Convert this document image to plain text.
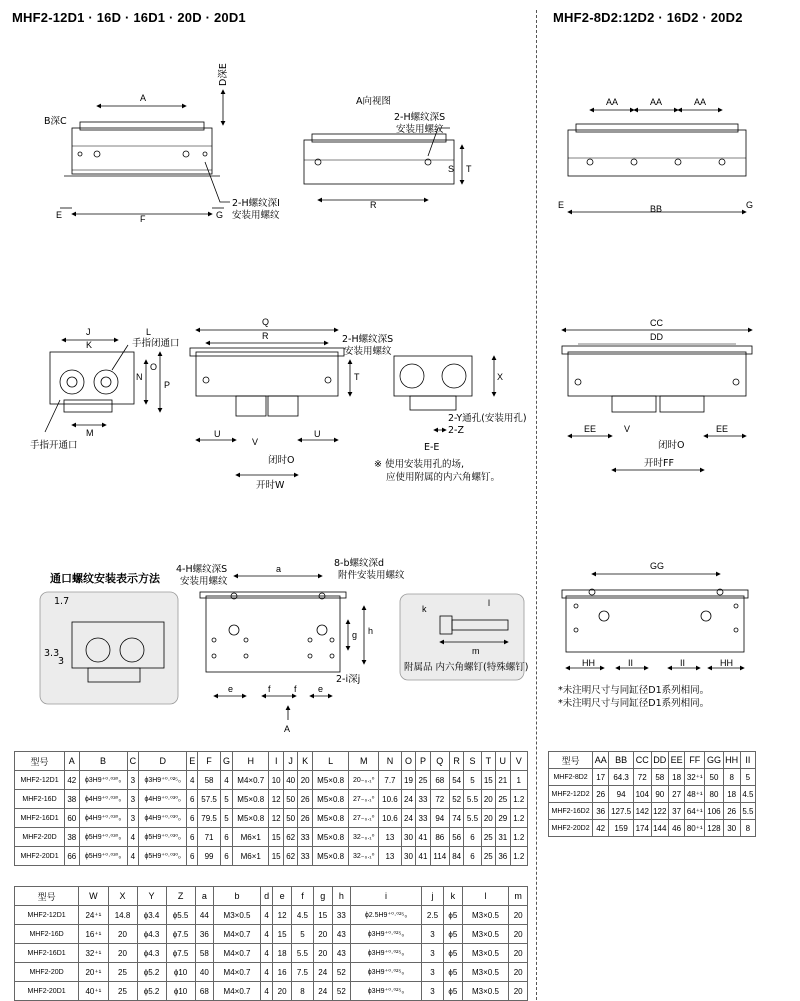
MHF2-12D1 · 16D · 16D1 · 20D · 20D1	MHF2-8D2:12D2 · 16D2 · 20D2
A
B深C
D深E
2-H螺纹深I
安装用螺纹
E	F	G
A向视图
2-H螺纹深S
安装用螺纹
R
S T
J
K
L
M
N
O
P
手指闭通口
手指开通口
Q
R	2-H螺纹深S
安装用螺纹
U
V
U
闭时O
开时W
T	X
2-Y通孔(安装用孔)
2-Z
E-E
※ 使用安装用孔的场,
应使用附属的内六角螺钉。
AA	AA	AA
BB
E	G
CC
DD
EE	V	EE
闭时O
开时FF
通口螺纹安装表示方法
1.7
3.3
3
4-H螺纹深S
安装用螺纹
8-b螺纹深d
附件安装用螺纹
a
e	f	f e
g h
2-i深j
A
k
l
m
附属品 内六角螺钉(特殊螺钉)
GG
HH	II	II	HH
*未注明尺寸与同缸径D1系列相同。
*未注明尺寸与同缸径D1系列相同。
型号	A	B	C	D	E	F	G	H	I	J	K	L	M	N	O	P	Q	R	S	T	U	V
MHF2-12D1	42	ϕ3H9⁺⁰·⁰³⁰₀	3	ϕ3H9⁺⁰·⁰²⁵₀	4	58	4	M4×0.7	10	40	20	M5×0.8	20₋₀.₁⁰	7.7	19	25	68	54	5	15	21	1
MHF2-16D	38	ϕ4H9⁺⁰·⁰³⁰₀	3	ϕ4H9⁺⁰·⁰³⁰₀	6	57.5	5	M5×0.8	12	50	26	M5×0.8	27₋₀.₁⁰	10.6	24	33	72	52	5.5	20	25	1.2
MHF2-16D1	60	ϕ4H9⁺⁰·⁰³⁰₀	3	ϕ4H9⁺⁰·⁰³⁰₀	6	79.5	5	M5×0.8	12	50	26	M5×0.8	27₋₀.₁⁰	10.6	24	33	94	74	5.5	20	29	1.2
MHF2-20D	38	ϕ5H9⁺⁰·⁰³⁰₀	4	ϕ5H9⁺⁰·⁰³⁰₀	6	71	6	M6×1	15	62	33	M5×0.8	32₋₀.₁⁰	13	30	41	86	56	6	25	31	1.2
MHF2-20D1	66	ϕ5H9⁺⁰·⁰³⁰₀	4	ϕ5H9⁺⁰·⁰³⁰₀	6	99	6	M6×1	15	62	33	M5×0.8	32₋₀.₁⁰	13	30	41	114	84	6	25	36	1.2
型号	W	X	Y	Z	a	b	d	e	f	g	h	i	j	k	l	m
MHF2-12D1	24⁺¹	14.8	ϕ3.4	ϕ5.5	44	M3×0.5	4	12	4.5	15	33	ϕ2.5H9⁺⁰·⁰²⁵₀	2.5	ϕ5	M3×0.5	20
MHF2-16D	16⁺¹	20	ϕ4.3	ϕ7.5	36	M4×0.7	4	15	5	20	43	ϕ3H9⁺⁰·⁰²⁵₀	3	ϕ5	M3×0.5	20
MHF2-16D1	32⁺¹	20	ϕ4.3	ϕ7.5	58	M4×0.7	4	18	5.5	20	43	ϕ3H9⁺⁰·⁰²⁵₀	3	ϕ5	M3×0.5	20
MHF2-20D	20⁺¹	25	ϕ5.2	ϕ10	40	M4×0.7	4	16	7.5	24	52	ϕ3H9⁺⁰·⁰²⁵₀	3	ϕ5	M3×0.5	20
MHF2-20D1	40⁺¹	25	ϕ5.2	ϕ10	68	M4×0.7	4	20	8	24	52	ϕ3H9⁺⁰·⁰²⁵₀	3	ϕ5	M3×0.5	20
型号	AA	BB	CC	DD	EE	FF	GG	HH	II
MHF2-8D2	17	64.3	72	58	18	32⁺¹	50	8	5
MHF2-12D2	26	94	104	90	27	48⁺¹	80	18	4.5
MHF2-16D2	36	127.5	142	122	37	64⁺¹	106	26	5.5
MHF2-20D2	42	159	174	144	46	80⁺¹	128	30	8
